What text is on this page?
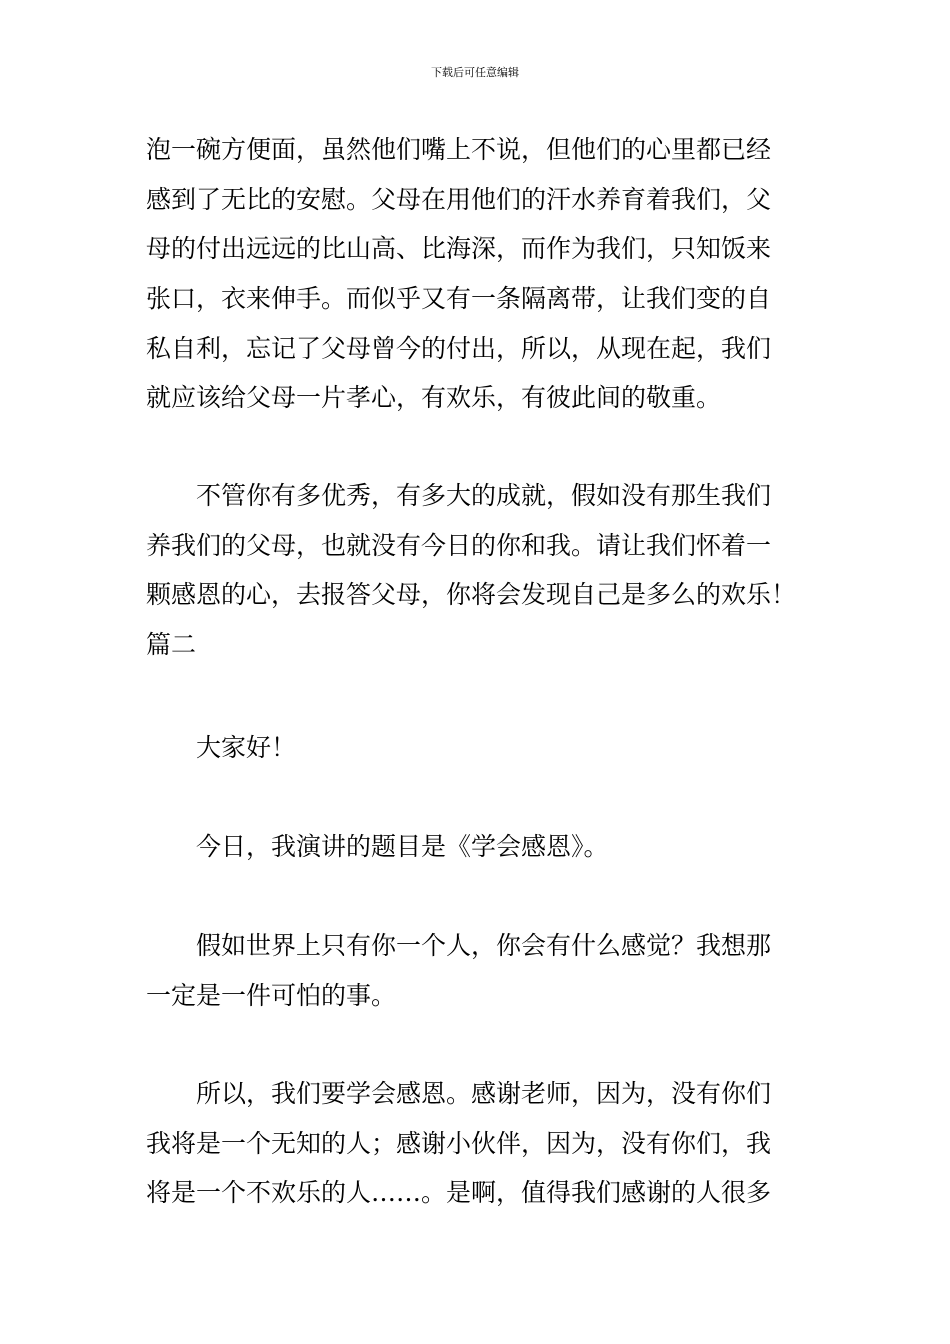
下载后可任意编辑
泡一碗方便面，虽然他们嘴上不说，但他们的心里都已经
感到了无比的安慰。父母在用他们的汗水养育着我们，父
母的付出远远的比山高、比海深，而作为我们，只知饭来
张口，衣来伸手。而似乎又有一条隔离带，让我们变的自
私自利，忘记了父母曾今的付出，所以，从现在起，我们
就应该给父母一片孝心，有欢乐，有彼此间的敬重。
不管你有多优秀，有多大的成就，假如没有那生我们
养我们的父母，也就没有今日的你和我。请让我们怀着一
颗感恩的心，去报答父母，你将会发现自己是多么的欢乐！
篇二
大家好！
今日，我演讲的题目是《学会感恩》。
假如世界上只有你一个人，你会有什么感觉？我想那
一定是一件可怕的事。
所以，我们要学会感恩。感谢老师，因为，没有你们
我将是一个无知的人；感谢小伙伴，因为，没有你们，我
将是一个不欢乐的人……。是啊，值得我们感谢的人很多
